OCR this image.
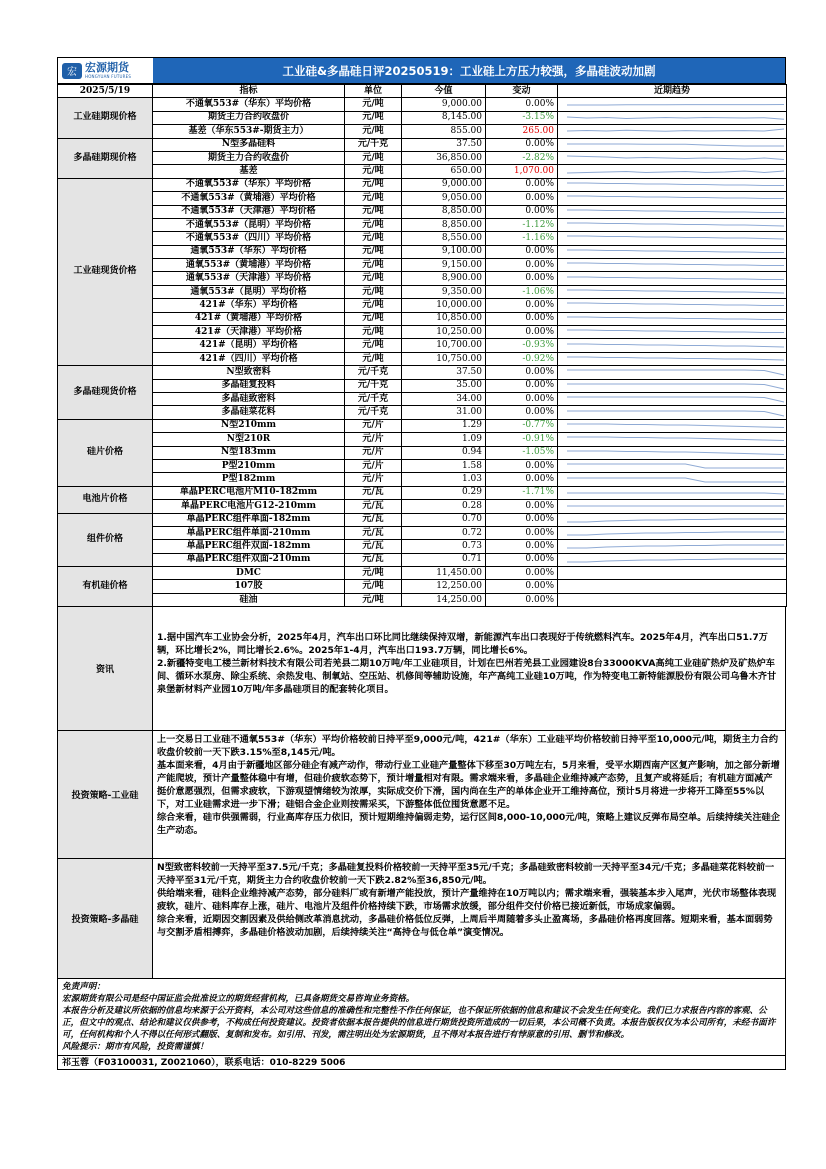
宏 宏源期货
HONGYUAN FUTURES	工业硅&多晶硅日评20250519：工业硅上方压力较强，多晶硅波动加剧
2025/5/19	指标	单位	今值	变动	近期趋势
工业硅期现价格	不通氧553#（华东）平均价格	元/吨	9,000.00	0.00%	

	期货主力合约收盘价	元/吨	8,145.00	-3.15%	

	基差（华东553#-期货主力）	元/吨	855.00	265.00	

多晶硅期现价格	N型多晶硅料	元/千克	37.50	0.00%	

	期货主力合约收盘价	元/吨	36,850.00	-2.82%	

	基差	元/吨	650.00	1,070.00	

工业硅现货价格	不通氧553#（华东）平均价格	元/吨	9,000.00	0.00%	

	不通氧553#（黄埔港）平均价格	元/吨	9,050.00	0.00%	

	不通氧553#（天津港）平均价格	元/吨	8,850.00	0.00%	

	不通氧553#（昆明）平均价格	元/吨	8,850.00	-1.12%	

	不通氧553#（四川）平均价格	元/吨	8,550.00	-1.16%	

	通氧553#（华东）平均价格	元/吨	9,100.00	0.00%	

	通氧553#（黄埔港）平均价格	元/吨	9,150.00	0.00%	

	通氧553#（天津港）平均价格	元/吨	8,900.00	0.00%	

	通氧553#（昆明）平均价格	元/吨	9,350.00	-1.06%	

	421#（华东）平均价格	元/吨	10,000.00	0.00%	

	421#（黄埔港）平均价格	元/吨	10,850.00	0.00%	

	421#（天津港）平均价格	元/吨	10,250.00	0.00%	

	421#（昆明）平均价格	元/吨	10,700.00	-0.93%	

	421#（四川）平均价格	元/吨	10,750.00	-0.92%	

多晶硅现货价格	N型致密料	元/千克	37.50	0.00%	

	多晶硅复投料	元/千克	35.00	0.00%	

	多晶硅致密料	元/千克	34.00	0.00%	

	多晶硅菜花料	元/千克	31.00	0.00%	

硅片价格	N型210mm	元/片	1.29	-0.77%	

	N型210R	元/片	1.09	-0.91%	

	N型183mm	元/片	0.94	-1.05%	

	P型210mm	元/片	1.58	0.00%	

	P型182mm	元/片	1.03	0.00%	

电池片价格	单晶PERC电池片M10-182mm	元/瓦	0.29	-1.71%	

	单晶PERC电池片G12-210mm	元/瓦	0.28	0.00%	

组件价格	单晶PERC组件单面-182mm	元/瓦	0.70	0.00%	

	单晶PERC组件单面-210mm	元/瓦	0.72	0.00%	

	单晶PERC组件双面-182mm	元/瓦	0.73	0.00%	

	单晶PERC组件双面-210mm	元/瓦	0.71	0.00%	

有机硅价格	DMC	元/吨	11,450.00	0.00%	
	107胶	元/吨	12,250.00	0.00%	
	硅油	元/吨	14,250.00	0.00%	
资讯

1.据中国汽车工业协会分析，2025年4月，汽车出口环比同比继续保持双增，新能源汽车出口表现好于传统燃料汽车。2025年4月，汽车出口51.7万辆，环比增长2%，同比增长2.6%。2025年1-4月，汽车出口193.7万辆，同比增长6%。

2.新疆特变电工楼兰新材料技术有限公司若羌县二期10万吨/年工业硅项目，计划在巴州若羌县工业园建设8台33000KVA高纯工业硅矿热炉及矿热炉车间、循环水泵房、除尘系统、余热发电、制氧站、空压站、机修间等辅助设施，年产高纯工业硅10万吨，作为特变电工新特能源股份有限公司乌鲁木齐甘泉堡新材料产业园10万吨/年多晶硅项目的配套转化项目。

投资策略-工业硅

上一交易日工业硅不通氧553#（华东）平均价格较前日持平至9,000元/吨，421#（华东）工业硅平均价格较前日持平至10,000元/吨，期货主力合约收盘价较前一天下跌3.15%至8,145元/吨。

基本面来看，4月由于新疆地区部分硅企有减产动作，带动行业工业硅产量整体下移至30万吨左右，5月来看，受平水期西南产区复产影响，加之部分新增产能爬坡，预计产量整体稳中有增，但硅价疲软态势下，预计增量相对有限。需求端来看，多晶硅企业维持减产态势，且复产或将延后；有机硅方面减产挺价意愿强烈，但需求疲软，下游观望情绪较为浓厚，实际成交价下滑，国内尚在生产的单体企业开工维持高位，预计5月将进一步将开工降至55%以下，对工业硅需求进一步下滑；硅铝合金企业则按需采买，下游整体低位囤货意愿不足。

综合来看，硅市供强需弱，行业高库存压力依旧，预计短期维持偏弱走势，运行区间8,000-10,000元/吨，策略上建议反弹布局空单。后续持续关注硅企生产动态。

投资策略-多晶硅

N型致密料较前一天持平至37.5元/千克；多晶硅复投料价格较前一天持平至35元/千克；多晶硅致密料较前一天持平至34元/千克；多晶硅菜花料较前一天持平至31元/千克，期货主力合约收盘价较前一天下跌2.82%至36,850元/吨。

供给端来看，硅料企业维持减产态势，部分硅料厂或有新增产能投放，预计产量维持在10万吨以内；需求端来看，强装基本步入尾声，光伏市场整体表现疲软，硅片、硅料库存上涨，硅片、电池片及组件价格持续下跌，市场需求放缓，部分组件交付价格已接近新低，市场成家偏弱。

综合来看，近期因交割因素及供给侧改革消息扰动，多晶硅价格低位反弹，上周后半周随着多头止盈离场，多晶硅价格再度回落。短期来看，基本面弱势与交割矛盾相搏弈，多晶硅价格波动加剧，后续持续关注“高持仓与低仓单”演变情况。

免责声明：
宏源期货有限公司是经中国证监会批准设立的期货经营机构，已具备期货交易咨询业务资格。
本报告分析及建议所依据的信息均来源于公开资料，本公司对这些信息的准确性和完整性不作任何保证，也不保证所依据的信息和建议不会发生任何变化。我们已力求报告内容的客观、公正，但文中的观点、结论和建议仅供参考，不构成任何投资建议。投资者依据本报告提供的信息进行期货投资所造成的一切后果，本公司概不负责。本报告版权仅为本公司所有，未经书面许可，任何机构和个人不得以任何形式翻版、复制和发布。如引用、刊发，需注明出处为宏源期货，且不得对本报告进行有悖原意的引用、删节和修改。
风险提示：期市有风险，投资需谨慎！
祁玉蓉（F03100031, Z0021060），联系电话：010-8229 5006
